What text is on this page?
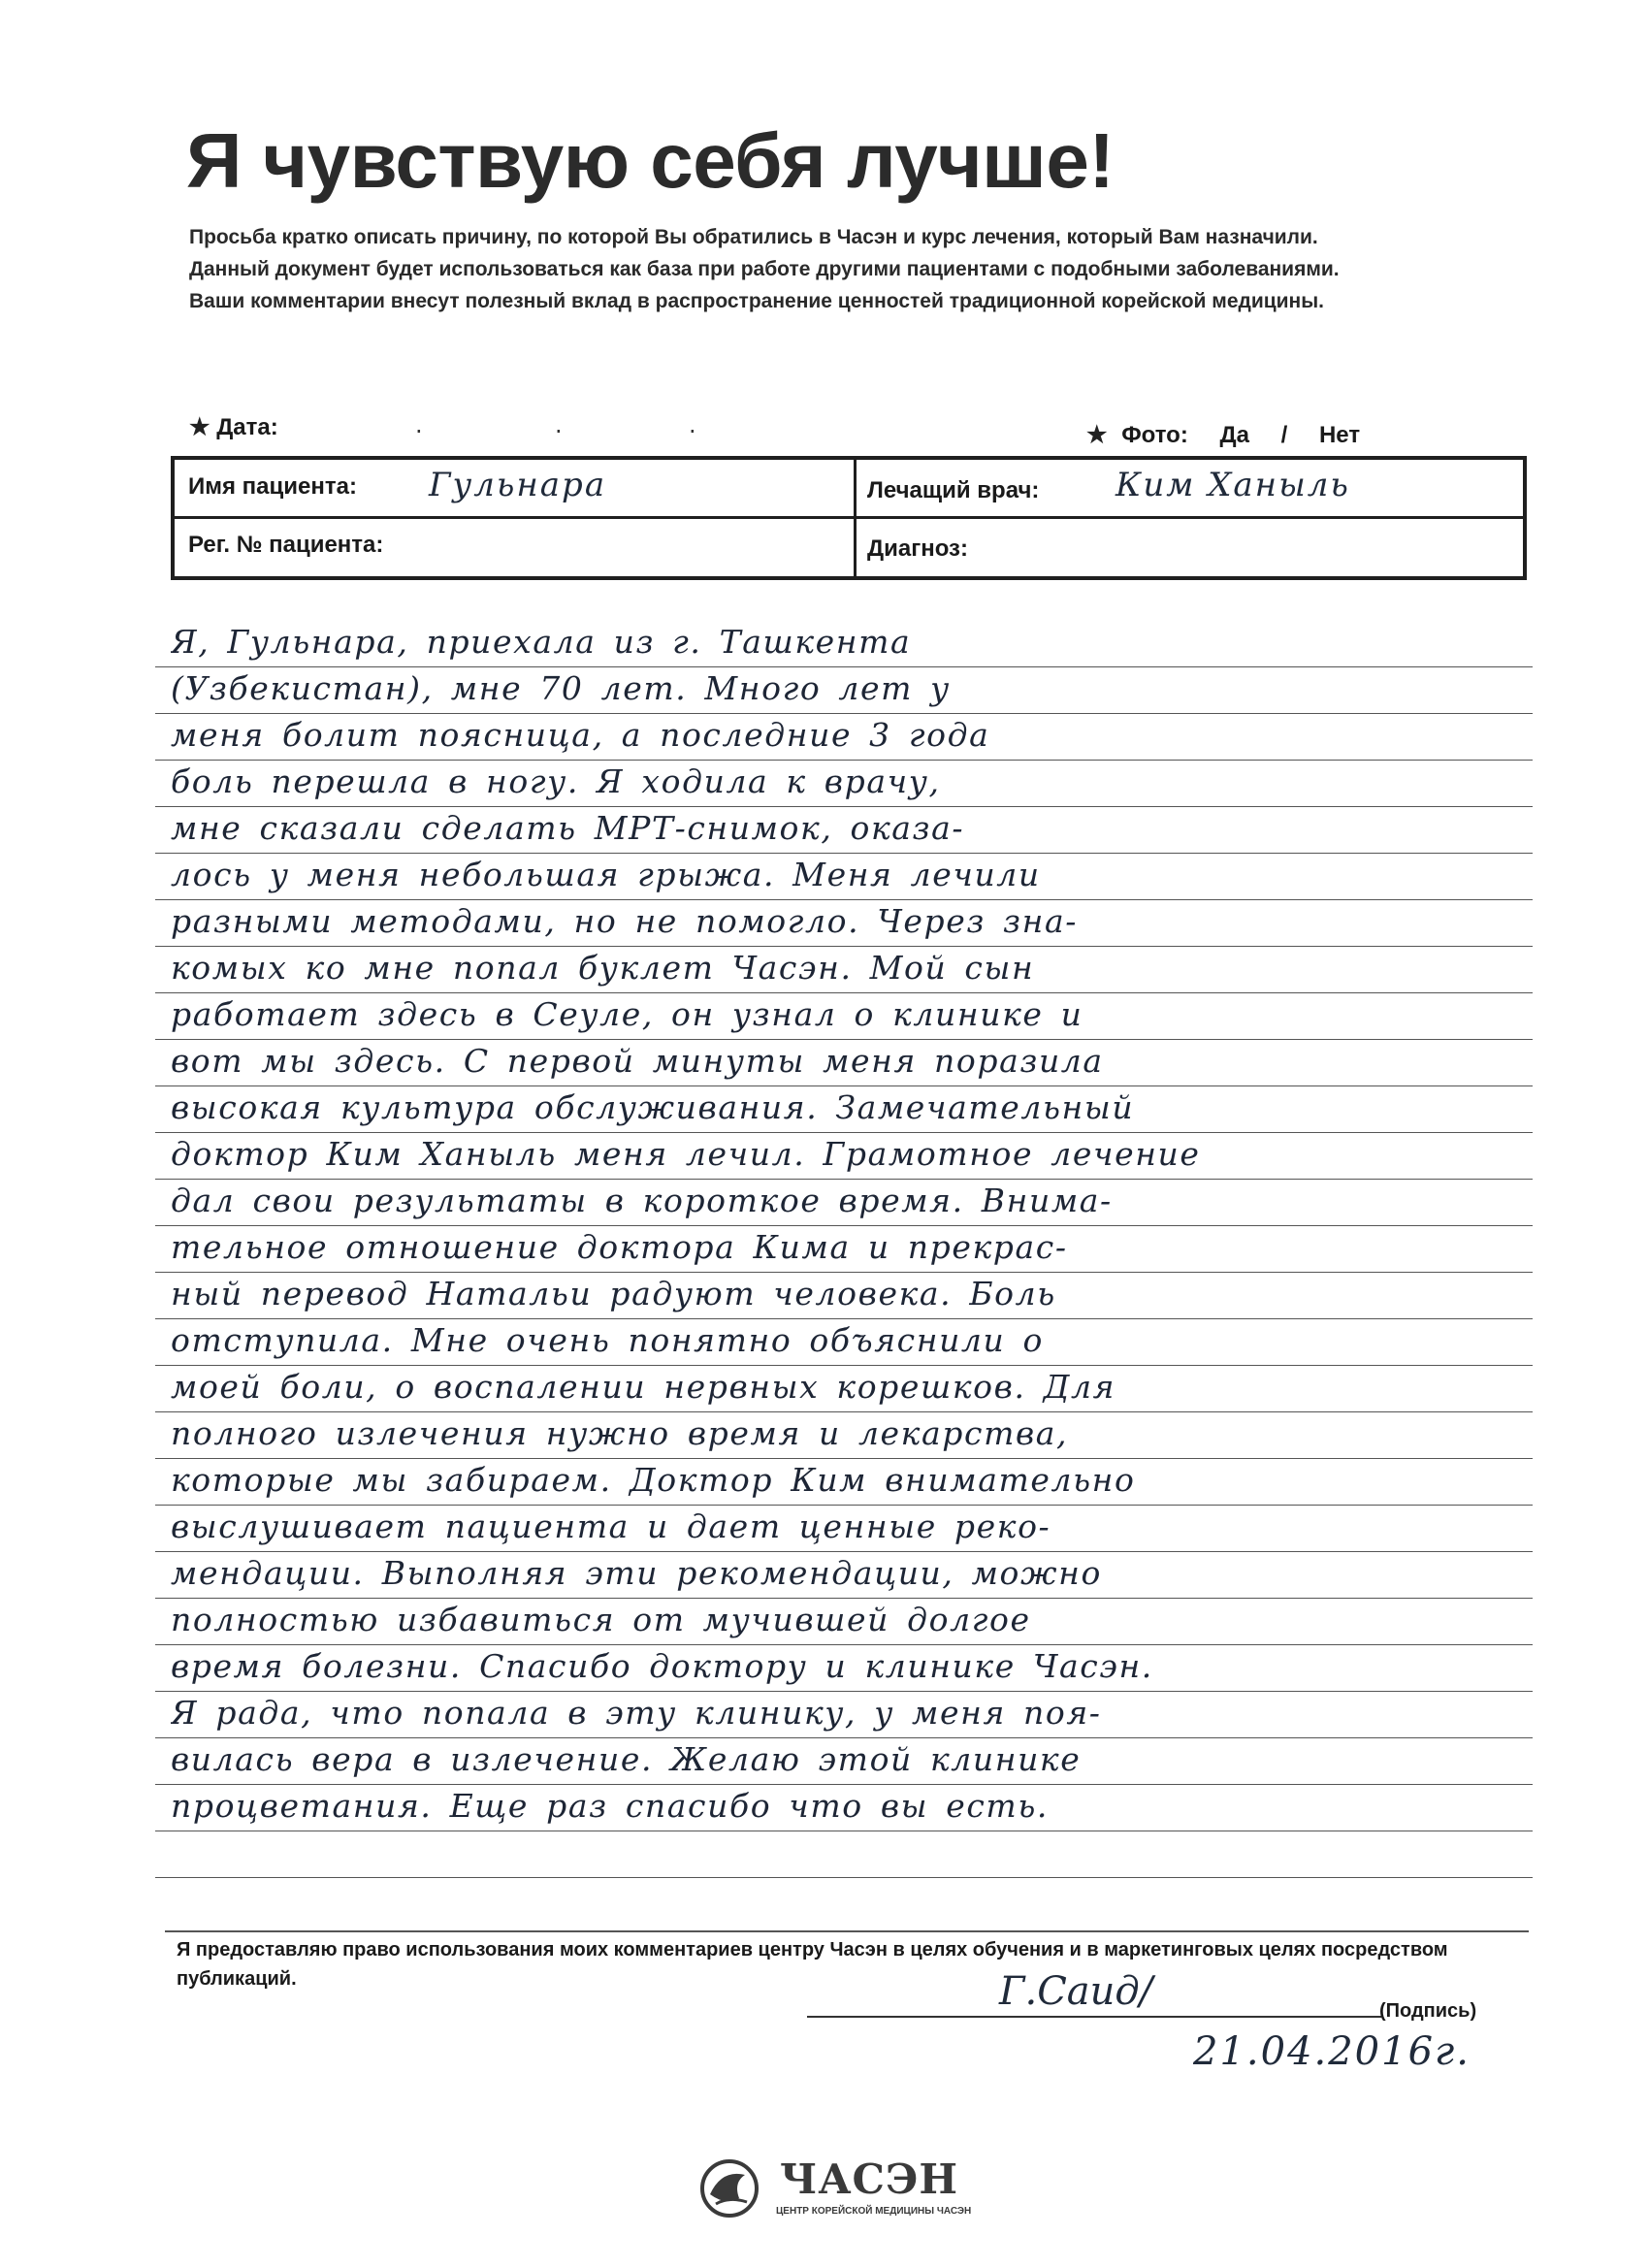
Я чувствую себя лучше!
Просьба кратко описать причину, по которой Вы обратились в Часэн и курс лечения, который Вам назначили.
Данный документ будет использоваться как база при работе другими пациентами с подобными заболеваниями.
Ваши комментарии внесут полезный вклад в распространение ценностей традиционной корейской медицины.
★ Дата:	.	.	.	★ Фото: Да / Нет
Имя пациента: Гульнара	Лечащий врач: Ким Ханыль
Рег. № пациента:	Диагноз:
Я, Гульнара, приехала из г. Ташкента
(Узбекистан), мне 70 лет. Много лет у
меня болит поясница, а последние 3 года
боль перешла в ногу. Я ходила к врачу,
мне сказали сделать МРТ-снимок, оказа-
лось у меня небольшая грыжа. Меня лечили
разными методами, но не помогло. Через зна-
комых ко мне попал буклет Часэн. Мой сын
работает здесь в Сеуле, он узнал о клинике и
вот мы здесь. С первой минуты меня поразила
высокая культура обслуживания. Замечательный
доктор Ким Ханыль меня лечил. Грамотное лечение
дал свои результаты в короткое время. Внима-
тельное отношение доктора Кима и прекрас-
ный перевод Натальи радуют человека. Боль
отступила. Мне очень понятно объяснили о
моей боли, о воспалении нервных корешков. Для
полного излечения нужно время и лекарства,
которые мы забираем. Доктор Ким внимательно
выслушивает пациента и дает ценные реко-
мендации. Выполняя эти рекомендации, можно
полностью избавиться от мучившей долгое
время болезни. Спасибо доктору и клинике Часэн.
Я рада, что попала в эту клинику, у меня поя-
вилась вера в излечение. Желаю этой клинике
процветания. Еще раз спасибо что вы есть.
Я предоставляю право использования моих комментариев центру Часэн в целях обучения и в маркетинговых целях посредством публикаций.	Г.Саид/	(Подпись)
21.04.2016г.
ЧАСЭН
ЦЕНТР КОРЕЙСКОЙ МЕДИЦИНЫ ЧАСЭН
